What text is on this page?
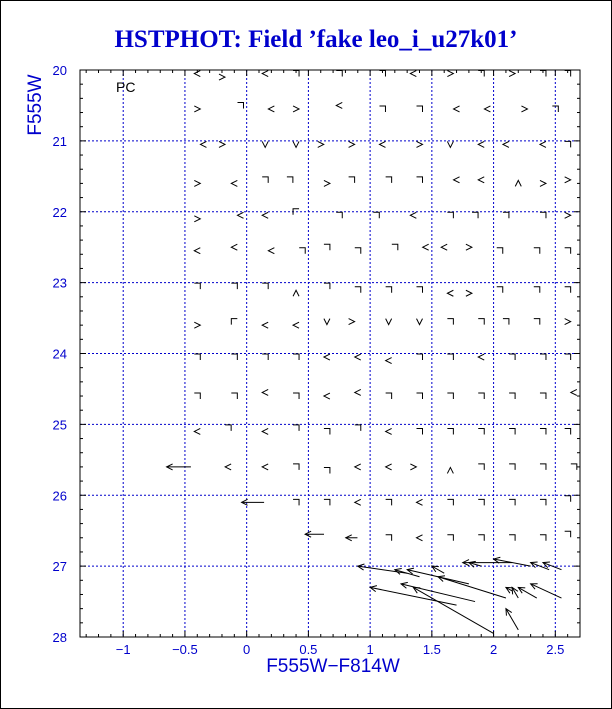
HSTPHOT: Field ’fake leo_i_u27k01’
−1	−0.5	0	0.5	1	1.5	2	2.5
20
21
22
23
24
25
26
27
28
PC
F555W−F814W
F555W
